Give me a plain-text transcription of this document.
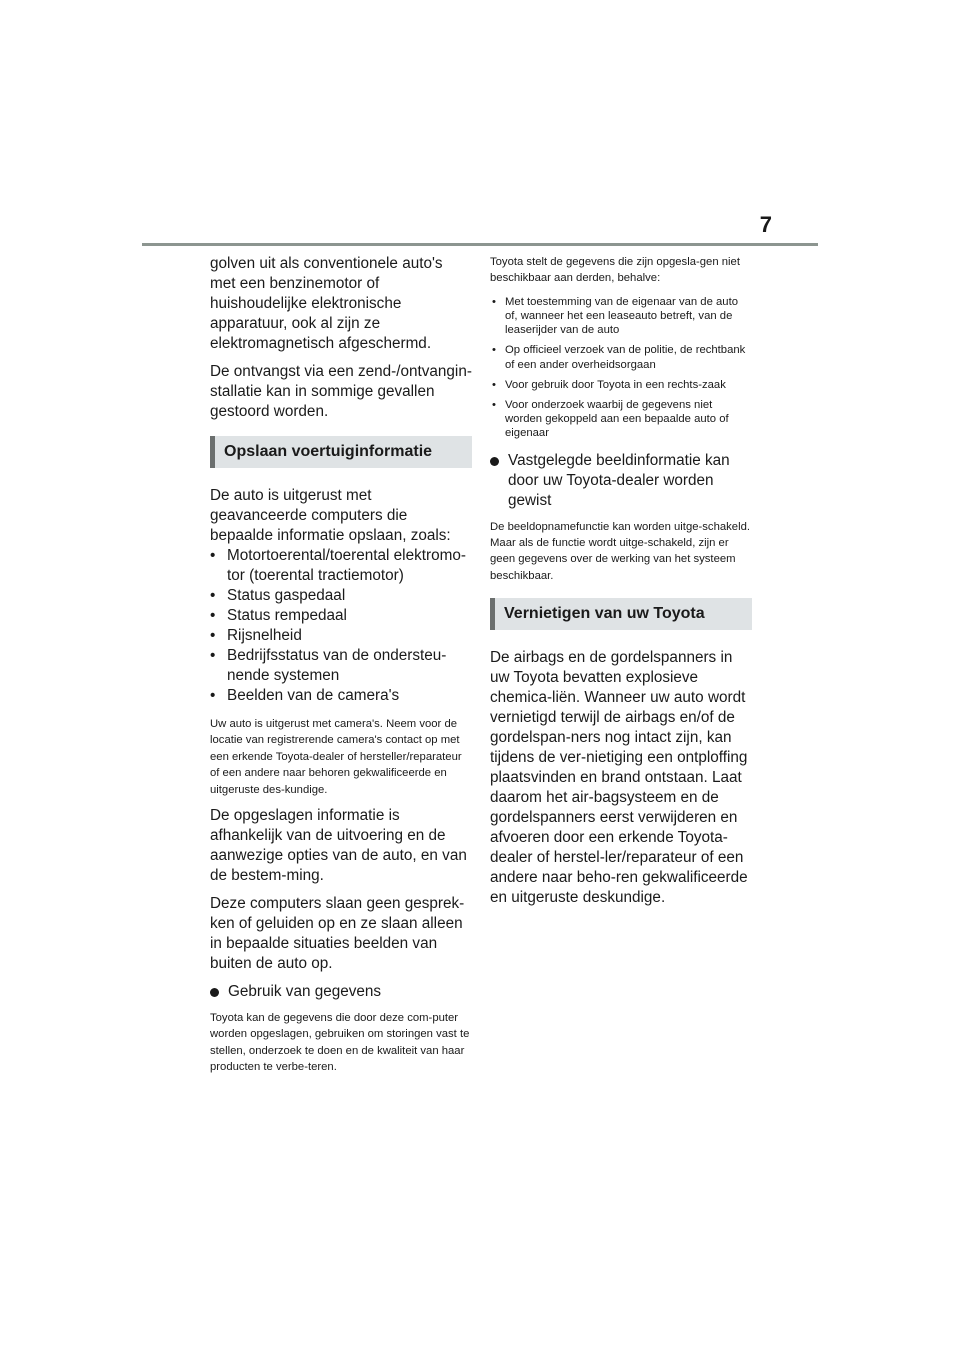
7

golven uit als conventionele auto's met een benzinemotor of huishoudelijke elektronische apparatuur, ook al zijn ze elektromagnetisch afgeschermd.

De ontvangst via een zend-/ontvangin-stallatie kan in sommige gevallen gestoord worden.

Opslaan voertuiginformatie

De auto is uitgerust met geavanceerde computers die bepaalde informatie opslaan, zoals:

• Motortoerental/toerental elektromo-tor (toerental tractiemotor)
• Status gaspedaal
• Status rempedaal
• Rijsnelheid
• Bedrijfsstatus van de ondersteu-nende systemen
• Beelden van de camera's

Uw auto is uitgerust met camera's. Neem voor de locatie van registrerende camera's contact op met een erkende Toyota-dealer of hersteller/reparateur of een andere naar behoren gekwalificeerde en uitgeruste des-kundige.

De opgeslagen informatie is afhankelijk van de uitvoering en de aanwezige opties van de auto, en van de bestem-ming.

Deze computers slaan geen gesprek-ken of geluiden op en ze slaan alleen in bepaalde situaties beelden van buiten de auto op.

Gebruik van gegevens

Toyota kan de gegevens die door deze com-puter worden opgeslagen, gebruiken om storingen vast te stellen, onderzoek te doen en de kwaliteit van haar producten te verbe-teren.

Toyota stelt de gegevens die zijn opgesla-gen niet beschikbaar aan derden, behalve:

• Met toestemming van de eigenaar van de auto of, wanneer het een leaseauto betreft, van de leaserijder van de auto
• Op officieel verzoek van de politie, de rechtbank of een ander overheidsorgaan
• Voor gebruik door Toyota in een rechts-zaak
• Voor onderzoek waarbij de gegevens niet worden gekoppeld aan een bepaalde auto of eigenaar
Vastgelegde beeldinformatie kan door uw Toyota-dealer worden gewist

De beeldopnamefunctie kan worden uitge-schakeld. Maar als de functie wordt uitge-schakeld, zijn er geen gegevens over de werking van het systeem beschikbaar.

Vernietigen van uw Toyota

De airbags en de gordelspanners in uw Toyota bevatten explosieve chemica-liën. Wanneer uw auto wordt vernietigd terwijl de airbags en/of de gordelspan-ners nog intact zijn, kan tijdens de ver-nietiging een ontploffing plaatsvinden en brand ontstaan. Laat daarom het air-bagsysteem en de gordelspanners eerst verwijderen en afvoeren door een erkende Toyota-dealer of herstel-ler/reparateur of een andere naar beho-ren gekwalificeerde en uitgeruste deskundige.
